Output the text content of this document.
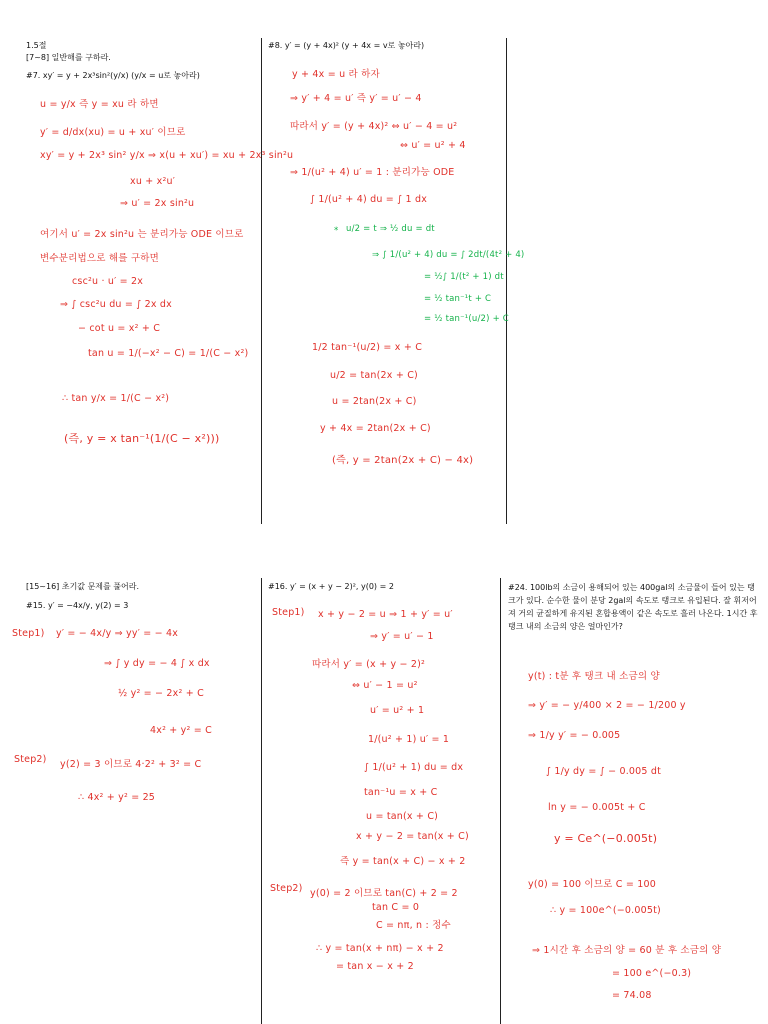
1.5절
[7~8] 일반해를 구하라.
#7. xy′ = y + 2x³sin²(y/x) (y/x = u로 놓아라)
u = y/x 즉 y = xu 라 하면
y′ = d/dx(xu) = u + xu′ 이므로
xy′ = y + 2x³ sin² y/x ⇒ x(u + xu′) = xu + 2x³ sin²u
xu + x²u′
⇒ u′ = 2x sin²u
여기서 u′ = 2x sin²u 는 분리가능 ODE 이므로
변수분리법으로 해를 구하면
csc²u · u′ = 2x
⇒ ∫ csc²u du = ∫ 2x dx
− cot u = x² + C
tan u = 1/(−x² − C) = 1/(C − x²)
∴ tan y/x = 1/(C − x²)
(즉, y = x tan⁻¹(1/(C − x²)))
#8. y′ = (y + 4x)² (y + 4x = v로 놓아라)
y + 4x = u 라 하자
⇒ y′ + 4 = u′ 즉 y′ = u′ − 4
따라서 y′ = (y + 4x)² ⇔ u′ − 4 = u²
⇔ u′ = u² + 4
⇒ 1/(u² + 4) u′ = 1 : 분리가능 ODE
∫ 1/(u² + 4) du = ∫ 1 dx
* u/2 = t ⇒ ½ du = dt
⇒ ∫ 1/(u² + 4) du = ∫ 2dt/(4t² + 4)
= ½∫ 1/(t² + 1) dt
= ½ tan⁻¹t + C
= ½ tan⁻¹(u/2) + C
1/2 tan⁻¹(u/2) = x + C
u/2 = tan(2x + C)
u = 2tan(2x + C)
y + 4x = 2tan(2x + C)
(즉, y = 2tan(2x + C) − 4x)
[15~16] 초기값 문제를 풀어라.
#15. y′ = −4x/y, y(2) = 3
Step1) y′ = − 4x/y ⇒ yy′ = − 4x
⇒ ∫ y dy = − 4 ∫ x dx
½ y² = − 2x² + C
4x² + y² = C
Step2) y(2) = 3 이므로 4·2² + 3² = C
∴ 4x² + y² = 25
#16. y′ = (x + y − 2)², y(0) = 2
Step1) x + y − 2 = u ⇒ 1 + y′ = u′
⇒ y′ = u′ − 1
따라서 y′ = (x + y − 2)²
⇔ u′ − 1 = u²
u′ = u² + 1
1/(u² + 1) u′ = 1
∫ 1/(u² + 1) du = dx
tan⁻¹u = x + C
u = tan(x + C)
x + y − 2 = tan(x + C)
즉 y = tan(x + C) − x + 2
Step2) y(0) = 2 이므로 tan(C) + 2 = 2
tan C = 0
C = nπ, n : 정수
∴ y = tan(x + nπ) − x + 2
= tan x − x + 2
#24. 100lb의 소금이 용해되어 있는 400gal의 소금물이 들어 있는 탱크가 있다. 순수한 물이 분당 2gal의 속도로 탱크로 유입된다. 잘 휘저어져 거의 균질하게 유지된 혼합용액이 같은 속도로 흘러 나온다. 1시간 후 탱크 내의 소금의 양은 얼마인가?
y(t) : t분 후 탱크 내 소금의 양
⇒ y′ = − y/400 × 2 = − 1/200 y
⇒ 1/y y′ = − 0.005
∫ 1/y dy = ∫ − 0.005 dt
ln y = − 0.005t + C
y = Ce^(−0.005t)
y(0) = 100 이므로 C = 100
∴ y = 100e^(−0.005t)
⇒ 1시간 후 소금의 양 = 60 분 후 소금의 양
= 100 e^(−0.3)
= 74.08
